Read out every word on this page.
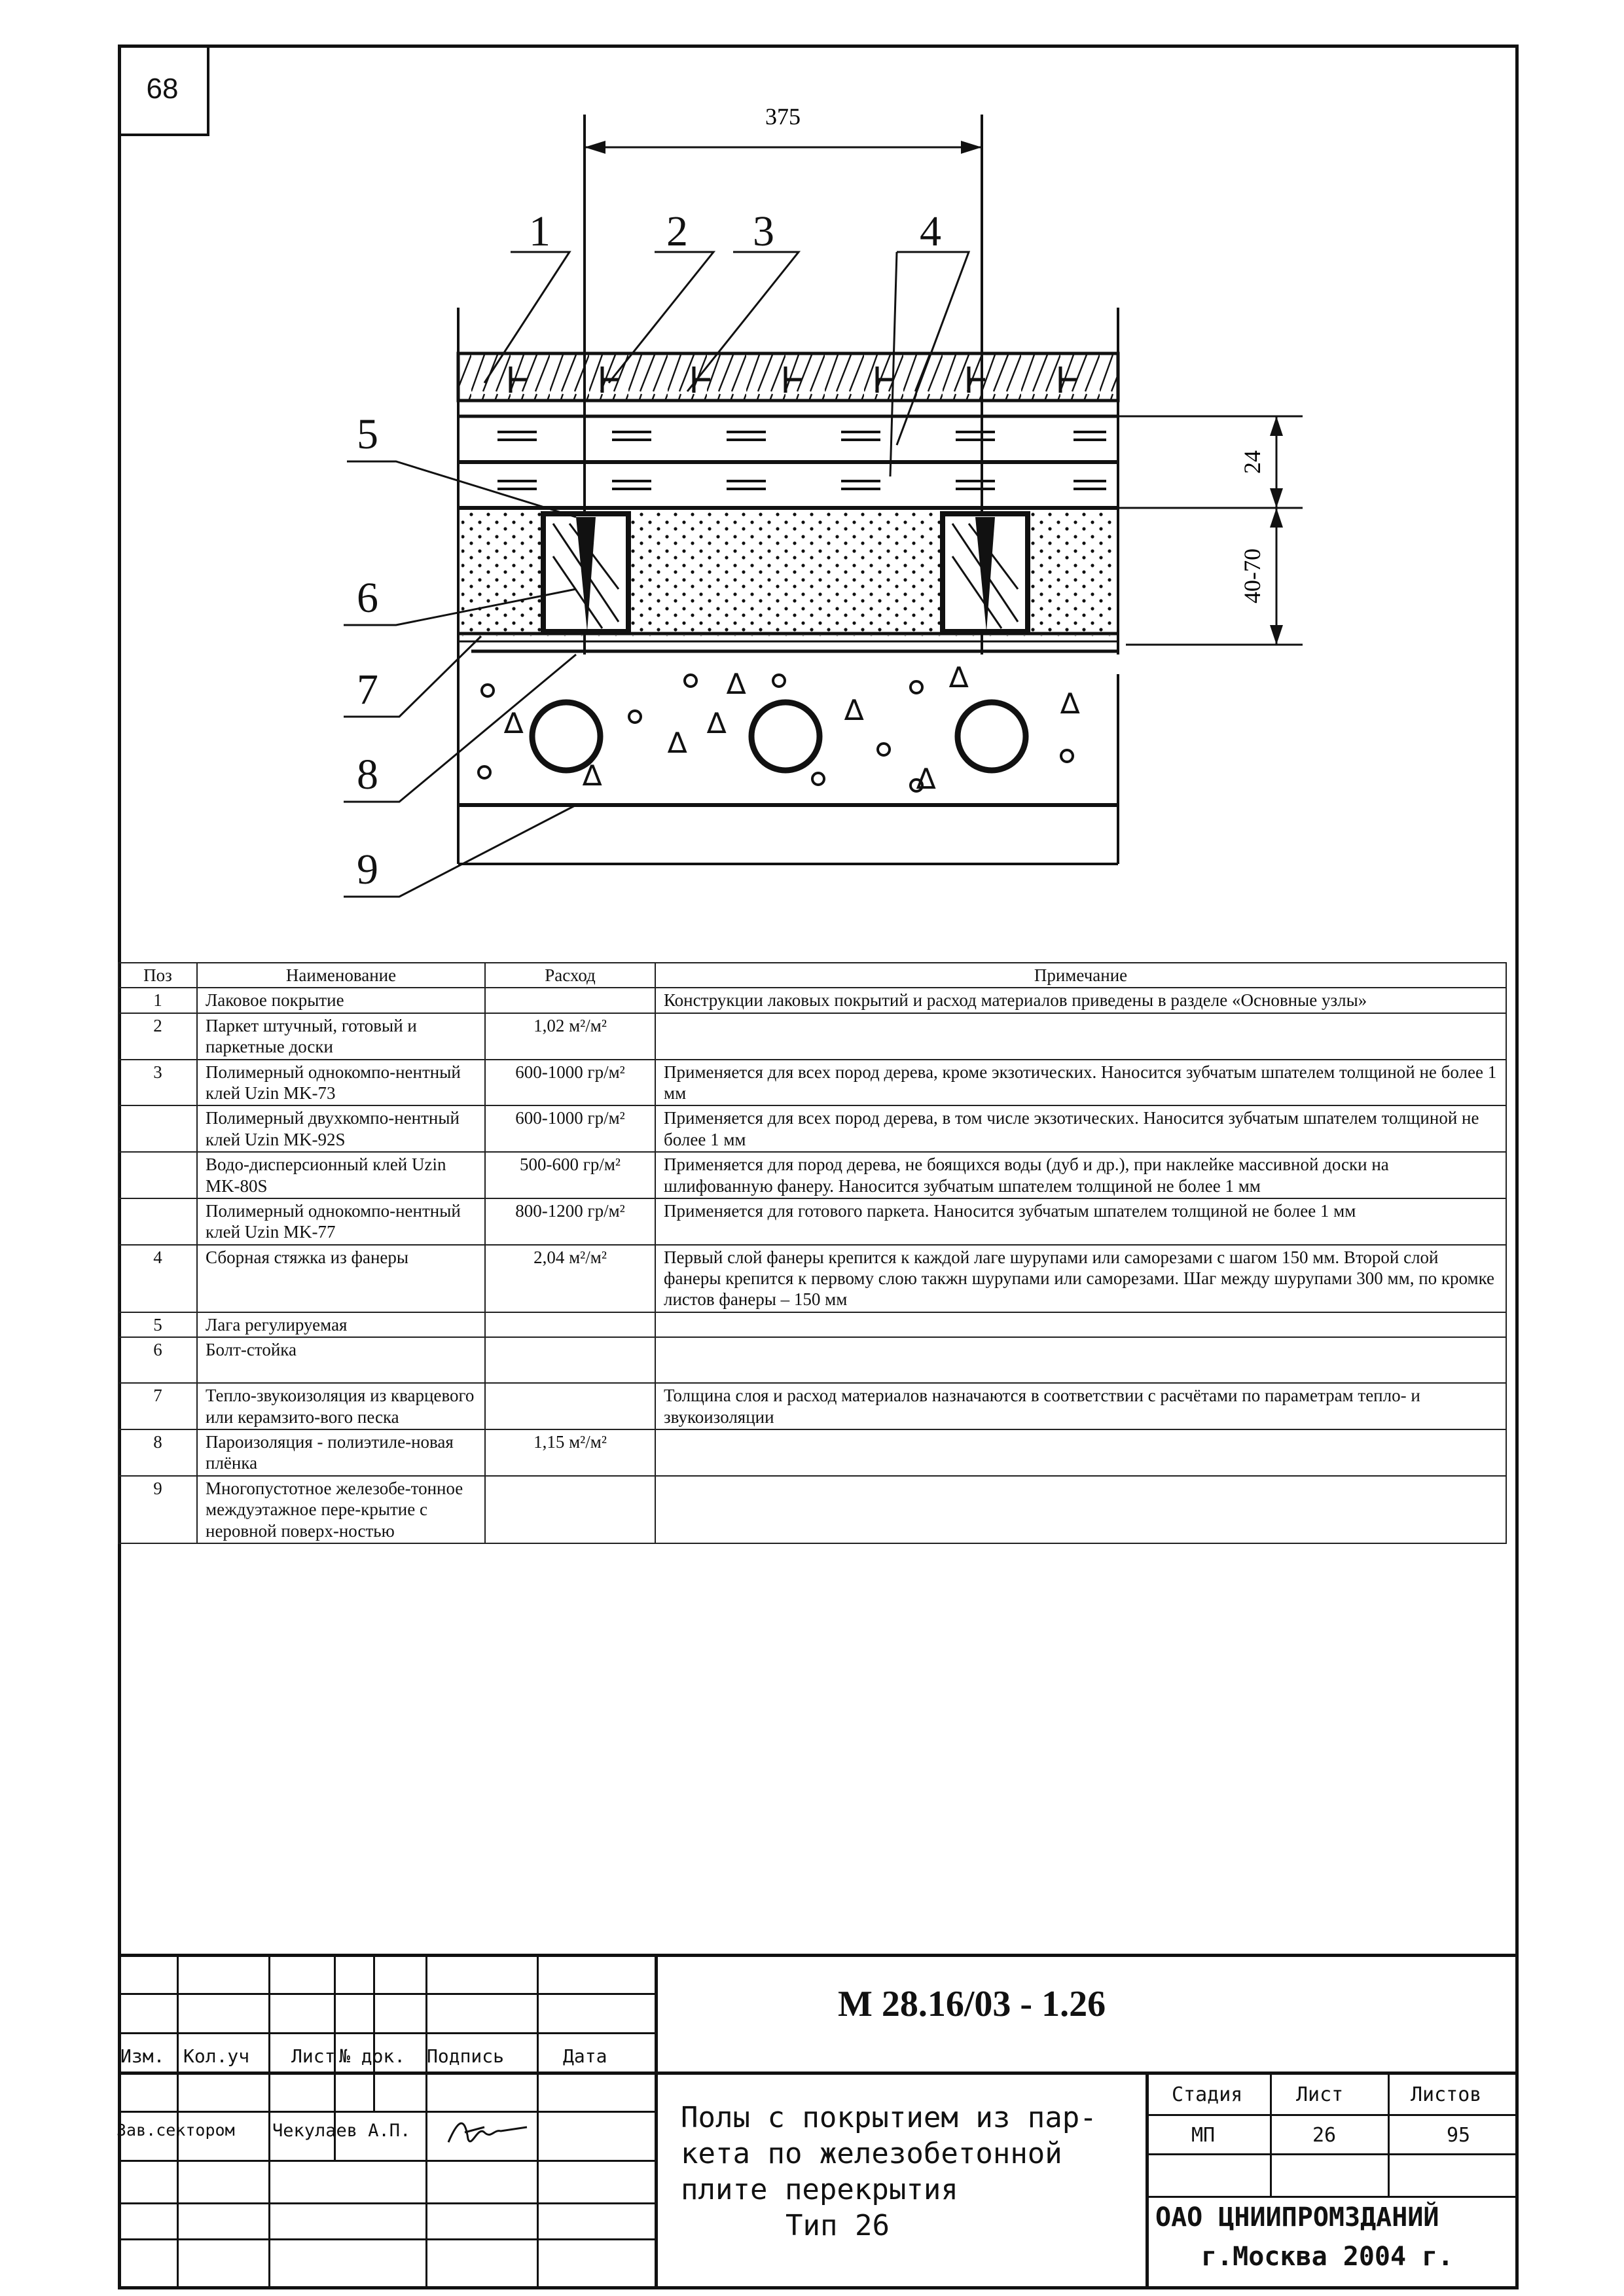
68
375
∆
∆
∆	∆
∆
∆
∆	∆
∆
24
40-70
1	2 3	4
5
6
7
8
9
Поз	Наименование	Расход	Примечание
1	Лаковое покрытие		Конструкции лаковых покрытий и расход материалов приведены в разделе «Основные узлы»
2	Паркет штучный, готовый и паркетные доски	1,02 м²/м²	
3	Полимерный однокомпо-нентный клей Uzin MK-73	600-1000 гр/м²	Применяется для всех пород дерева, кроме экзотических. Наносится зубчатым шпателем толщиной не более 1 мм
	Полимерный двухкомпо-нентный клей Uzin MK-92S	600-1000 гр/м²	Применяется для всех пород дерева, в том числе экзотических. Наносится зубчатым шпателем толщиной не более 1 мм
	Водо-дисперсионный клей Uzin MK-80S	500-600 гр/м²	Применяется для пород дерева, не боящихся воды (дуб и др.), при наклейке массивной доски на шлифованную фанеру. Наносится зубчатым шпателем толщиной не более 1 мм
	Полимерный однокомпо-нентный клей Uzin MK-77	800-1200 гр/м²	Применяется для готового паркета. Наносится зубчатым шпателем толщиной не более 1 мм
4	Сборная стяжка из фанеры	2,04 м²/м²	Первый слой фанеры крепится к каждой лаге шурупами или саморезами с шагом 150 мм. Второй слой фанеры крепится к первому слою такжн шурупами или саморезами. Шаг между шурупами 300 мм, по кромке листов фанеры – 150 мм
5	Лага регулируемая		
6	Болт-стойка		
7	Тепло-звукоизоляция из кварцевого или керамзито-вого песка		Толщина слоя и расход материалов назначаются в соответствии с расчётами по параметрам тепло- и звукоизоляции
8	Пароизоляция - полиэтиле-новая плёнка	1,15 м²/м²	
9	Многопустотное железобе-тонное междуэтажное пере-крытие с неровной поверх-ностью		
Изм. Кол.уч Лист № док. Подпись	Дата
Зав.сектором Чекулаев А.П.
М 28.16/03 - 1.26
Полы с покрытием из пар-
кета по железобетонной
плите перекрытия
Тип 26
Стадия	Лист	Листов
МП	26	95
ОАО ЦНИИПРОМЗДАНИЙ
г.Москва 2004 г.
